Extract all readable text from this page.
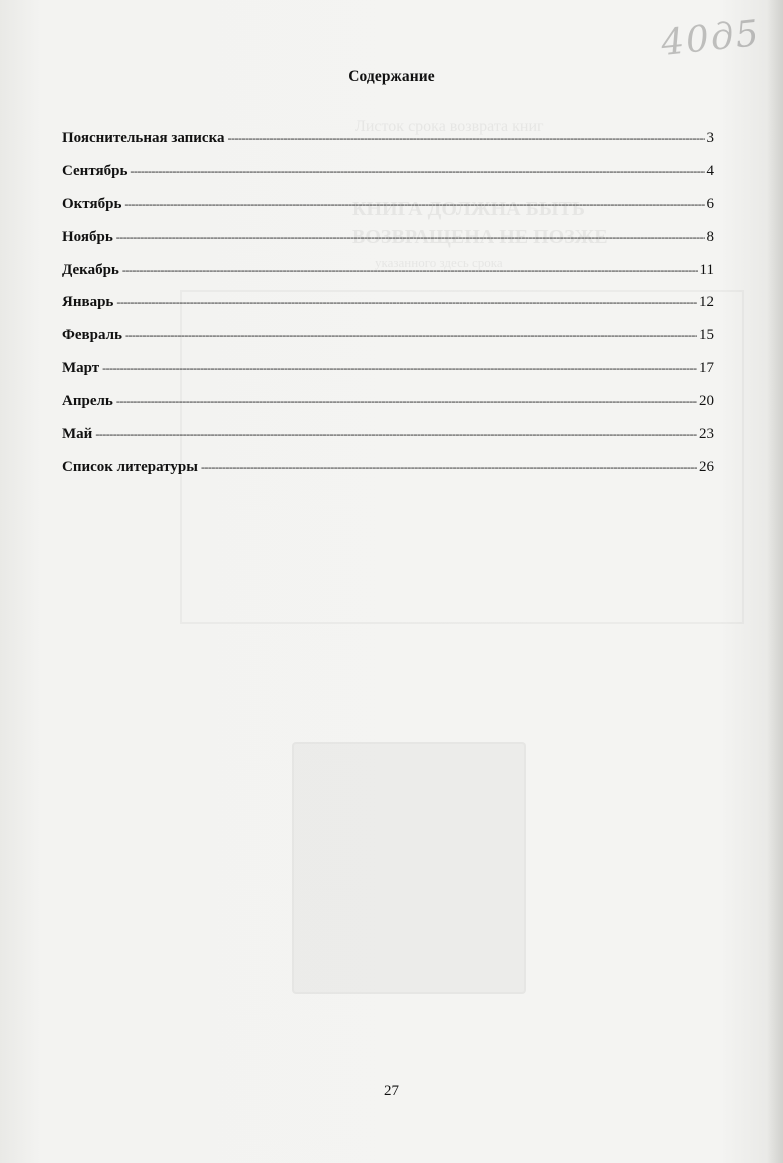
Листок срока возврата книг
КНИГА ДОЛЖНА БЫТЬ
ВОЗВРАЩЕНА НЕ ПОЗЖЕ
указанного здесь срока
40д5
Содержание
Пояснительная записка -----	3
Сентябрь -----	4
Октябрь -----	6
Ноябрь -----	8
Декабрь -----	11
Январь -----	12
Февраль -----	15
Март -----	17
Апрель -----	20
Май -----	23
Список литературы -----	26
27
